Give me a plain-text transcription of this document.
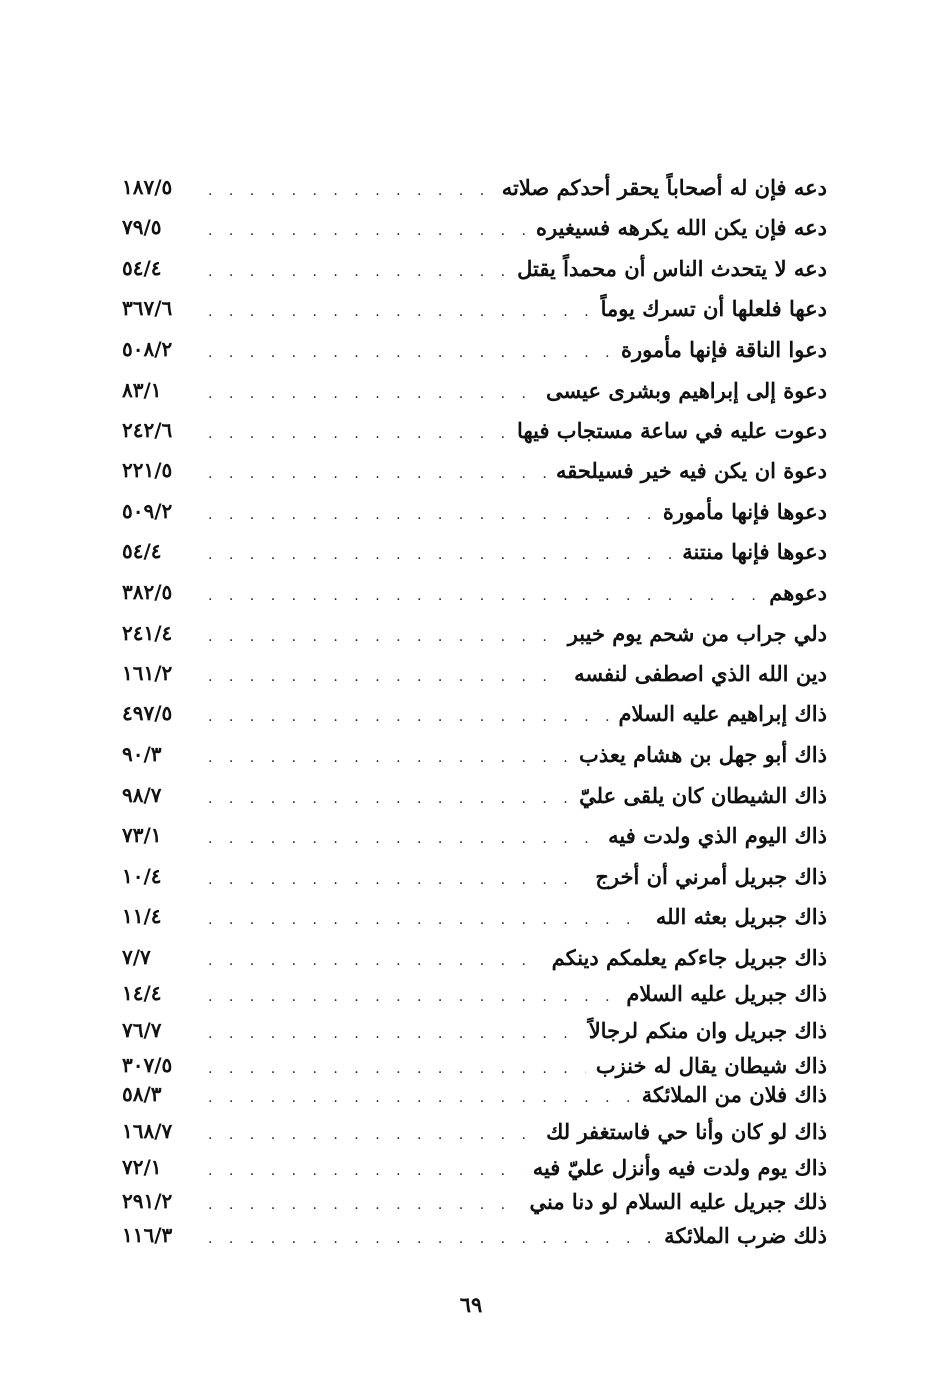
دعه فإن له أصحاباً يحقر أحدكم صلاته
. . .
١٨٧/٥
دعه فإن يكن الله يكرهه فسيغيره
. . .
٧٩/٥
دعه لا يتحدث الناس أن محمداً يقتل
. . .
٥٤/٤
دعها فلعلها أن تسرك يوماً
. . .
٣٦٧/٦
دعوا الناقة فإنها مأمورة
. . .
٥٠٨/٢
دعوة إلى إبراهيم وبشرى عيسى
. . .
٨٣/١
دعوت عليه في ساعة مستجاب فيها
. . .
٢٤٢/٦
دعوة ان يكن فيه خير فسيلحقه
. . .
٢٢١/٥
دعوها فإنها مأمورة
. . .
٥٠٩/٢
دعوها فإنها منتنة
. . .
٥٤/٤
دعوهم
. . .
٣٨٢/٥
دلي جراب من شحم يوم خيبر
. . .
٢٤١/٤
دين الله الذي اصطفى لنفسه
. . .
١٦١/٢
ذاك إبراهيم عليه السلام
. . .
٤٩٧/٥
ذاك أبو جهل بن هشام يعذب
. . .
٩٠/٣
ذاك الشيطان كان يلقى عليّ
. . .
٩٨/٧
ذاك اليوم الذي ولدت فيه
. . .
٧٣/١
ذاك جبريل أمرني أن أخرج
. . .
١٠/٤
ذاك جبريل بعثه الله
. . .
١١/٤
ذاك جبريل جاءكم يعلمكم دينكم
. . .
٧/٧
ذاك جبريل عليه السلام
. . .
١٤/٤
ذاك جبريل وان منكم لرجالاً
. . .
٧٦/٧
ذاك شيطان يقال له خنزب
. . .
٣٠٧/٥
ذاك فلان من الملائكة
. . .
٥٨/٣
ذاك لو كان وأنا حي فاستغفر لك
. . .
١٦٨/٧
ذاك يوم ولدت فيه وأنزل عليّ فيه
. . .
٧٢/١
ذلك جبريل عليه السلام لو دنا مني
. . .
٢٩١/٢
ذلك ضرب الملائكة
. . .
١١٦/٣
٦٩
